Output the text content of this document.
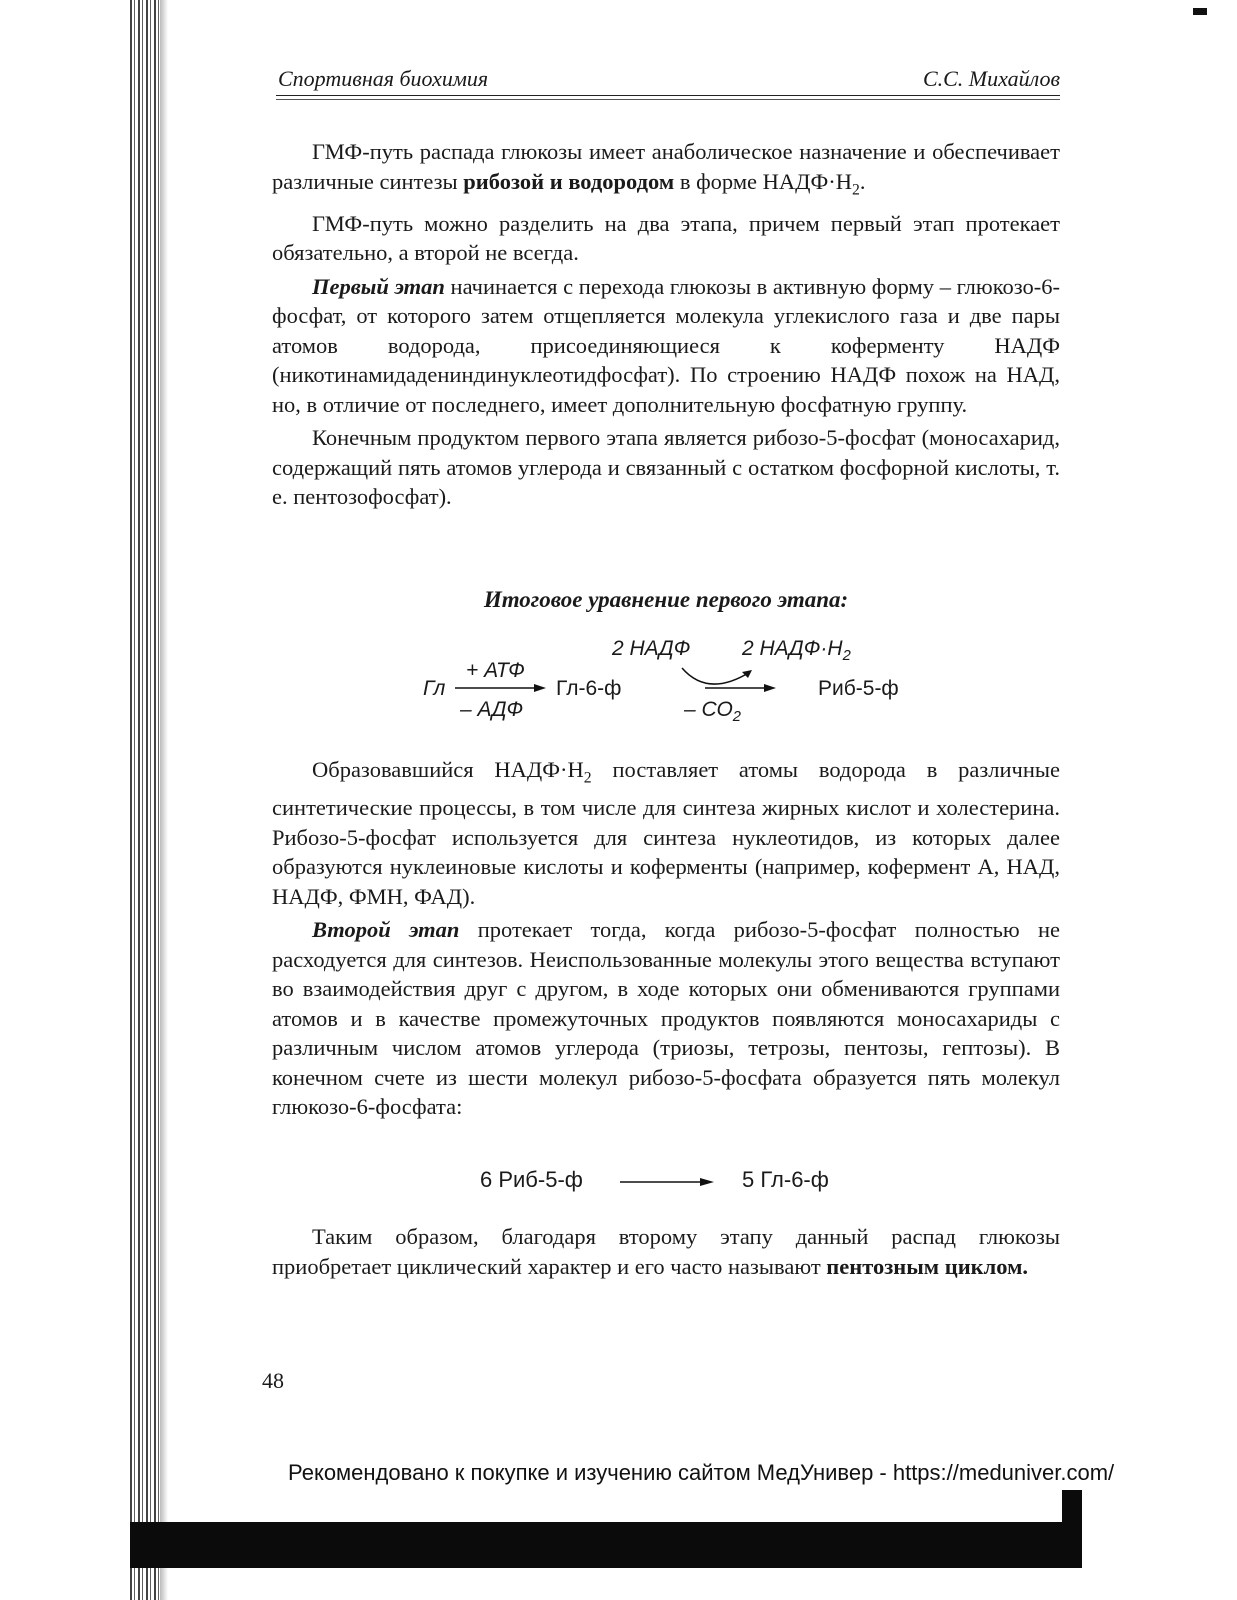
Спортивная биохимия	С.С. Михайлов

ГМФ-путь распада глюкозы имеет анаболическое назначение и обеспечивает различные синтезы рибозой и водородом в форме $НАДФ\cdot Н_2$.

ГМФ-путь можно разделить на два этапа, причем первый этап протекает обязательно, а второй не всегда.

Первый этап начинается с перехода глюкозы в активную форму – глюкозо-6-фосфат, от которого затем отщепляется молекула углекислого газа и две пары атомов водорода, присоединяющиеся к коферменту НАДФ (никотинамидадениндинуклеотидфосфат). По строению НАДФ похож на НАД, но, в отличие от последнего, имеет дополнительную фосфатную группу.

Конечным продуктом первого этапа является рибозо-5-фосфат (моносахарид, содержащий пять атомов углерода и связанный с остатком фосфорной кислоты, т. е. пентозофосфат).

Итоговое уравнение первого этапа:
2 НАДФ 2 $НАДФ\cdot Н_2$
+ АТФ
Гл	Гл-6-ф	Риб-5-ф
– АДФ	– $СО_2$

Образовавшийся $НАДФ\cdot Н_2$ поставляет атомы водорода в различные синтетические процессы, в том числе для синтеза жирных кислот и холестерина. Рибозо-5-фосфат используется для синтеза нуклеотидов, из которых далее образуются нуклеиновые кислоты и коферменты (например, кофермент А, НАД, НАДФ, ФМН, ФАД).

Второй этап протекает тогда, когда рибозо-5-фосфат полностью не расходуется для синтезов. Неиспользованные молекулы этого вещества вступают во взаимодействия друг с другом, в ходе которых они обмениваются группами атомов и в качестве промежуточных продуктов появляются моносахариды с различным числом атомов углерода (триозы, тетрозы, пентозы, гептозы). В конечном счете из шести молекул рибозо-5-фосфата образуется пять молекул глюкозо-6-фосфата:

6 Риб-5-ф	5 Гл-6-ф

Таким образом, благодаря второму этапу данный распад глюкозы приобретает циклический характер и его часто называют пентозным циклом.

48
Рекомендовано к покупке и изучению сайтом МедУнивер - https://meduniver.com/
